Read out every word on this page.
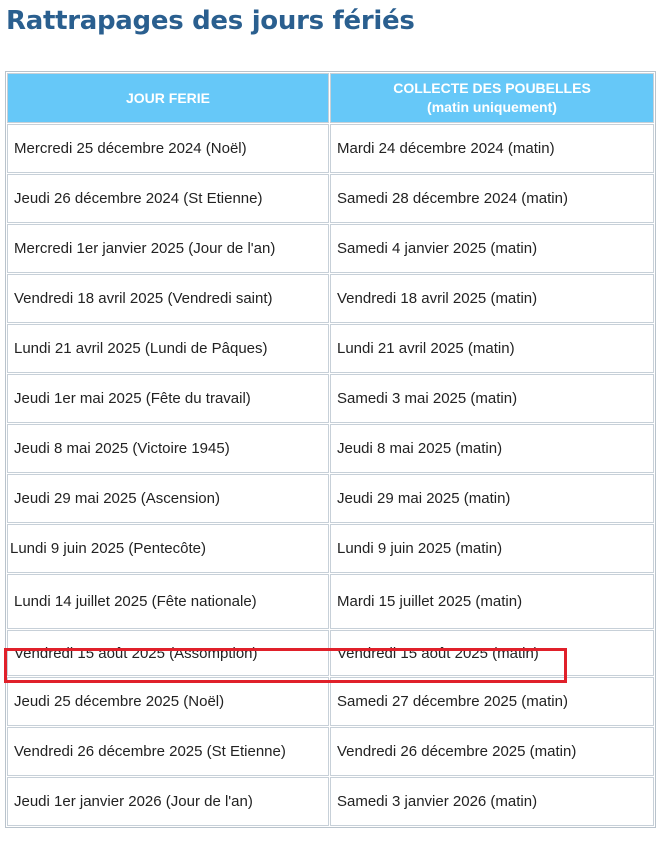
Rattrapages des jours fériés
JOUR FERIE	COLLECTE DES POUBELLES
(matin uniquement)
Mercredi 25 décembre 2024 (Noël)	Mardi 24 décembre 2024 (matin)
Jeudi 26 décembre 2024 (St Etienne)	Samedi 28 décembre 2024 (matin)
Mercredi 1er janvier 2025 (Jour de l'an)	Samedi 4 janvier 2025 (matin)
Vendredi 18 avril 2025 (Vendredi saint)	Vendredi 18 avril 2025 (matin)
Lundi 21 avril 2025 (Lundi de Pâques)	Lundi 21 avril 2025 (matin)
Jeudi 1er mai 2025 (Fête du travail)	Samedi 3 mai 2025 (matin)
Jeudi 8 mai 2025 (Victoire 1945)	Jeudi 8 mai 2025 (matin)
Jeudi 29 mai 2025 (Ascension)	Jeudi 29 mai 2025 (matin)
Lundi 9 juin 2025 (Pentecôte)	Lundi 9 juin 2025 (matin)
Lundi 14 juillet 2025 (Fête nationale)	Mardi 15 juillet 2025 (matin)
Vendredi 15 août 2025 (Assomption)	Vendredi 15 août 2025 (matin)
Jeudi 25 décembre 2025 (Noël)	Samedi 27 décembre 2025 (matin)
Vendredi 26 décembre 2025 (St Etienne)	Vendredi 26 décembre 2025 (matin)
Jeudi 1er janvier 2026 (Jour de l'an)	Samedi 3 janvier 2026 (matin)
